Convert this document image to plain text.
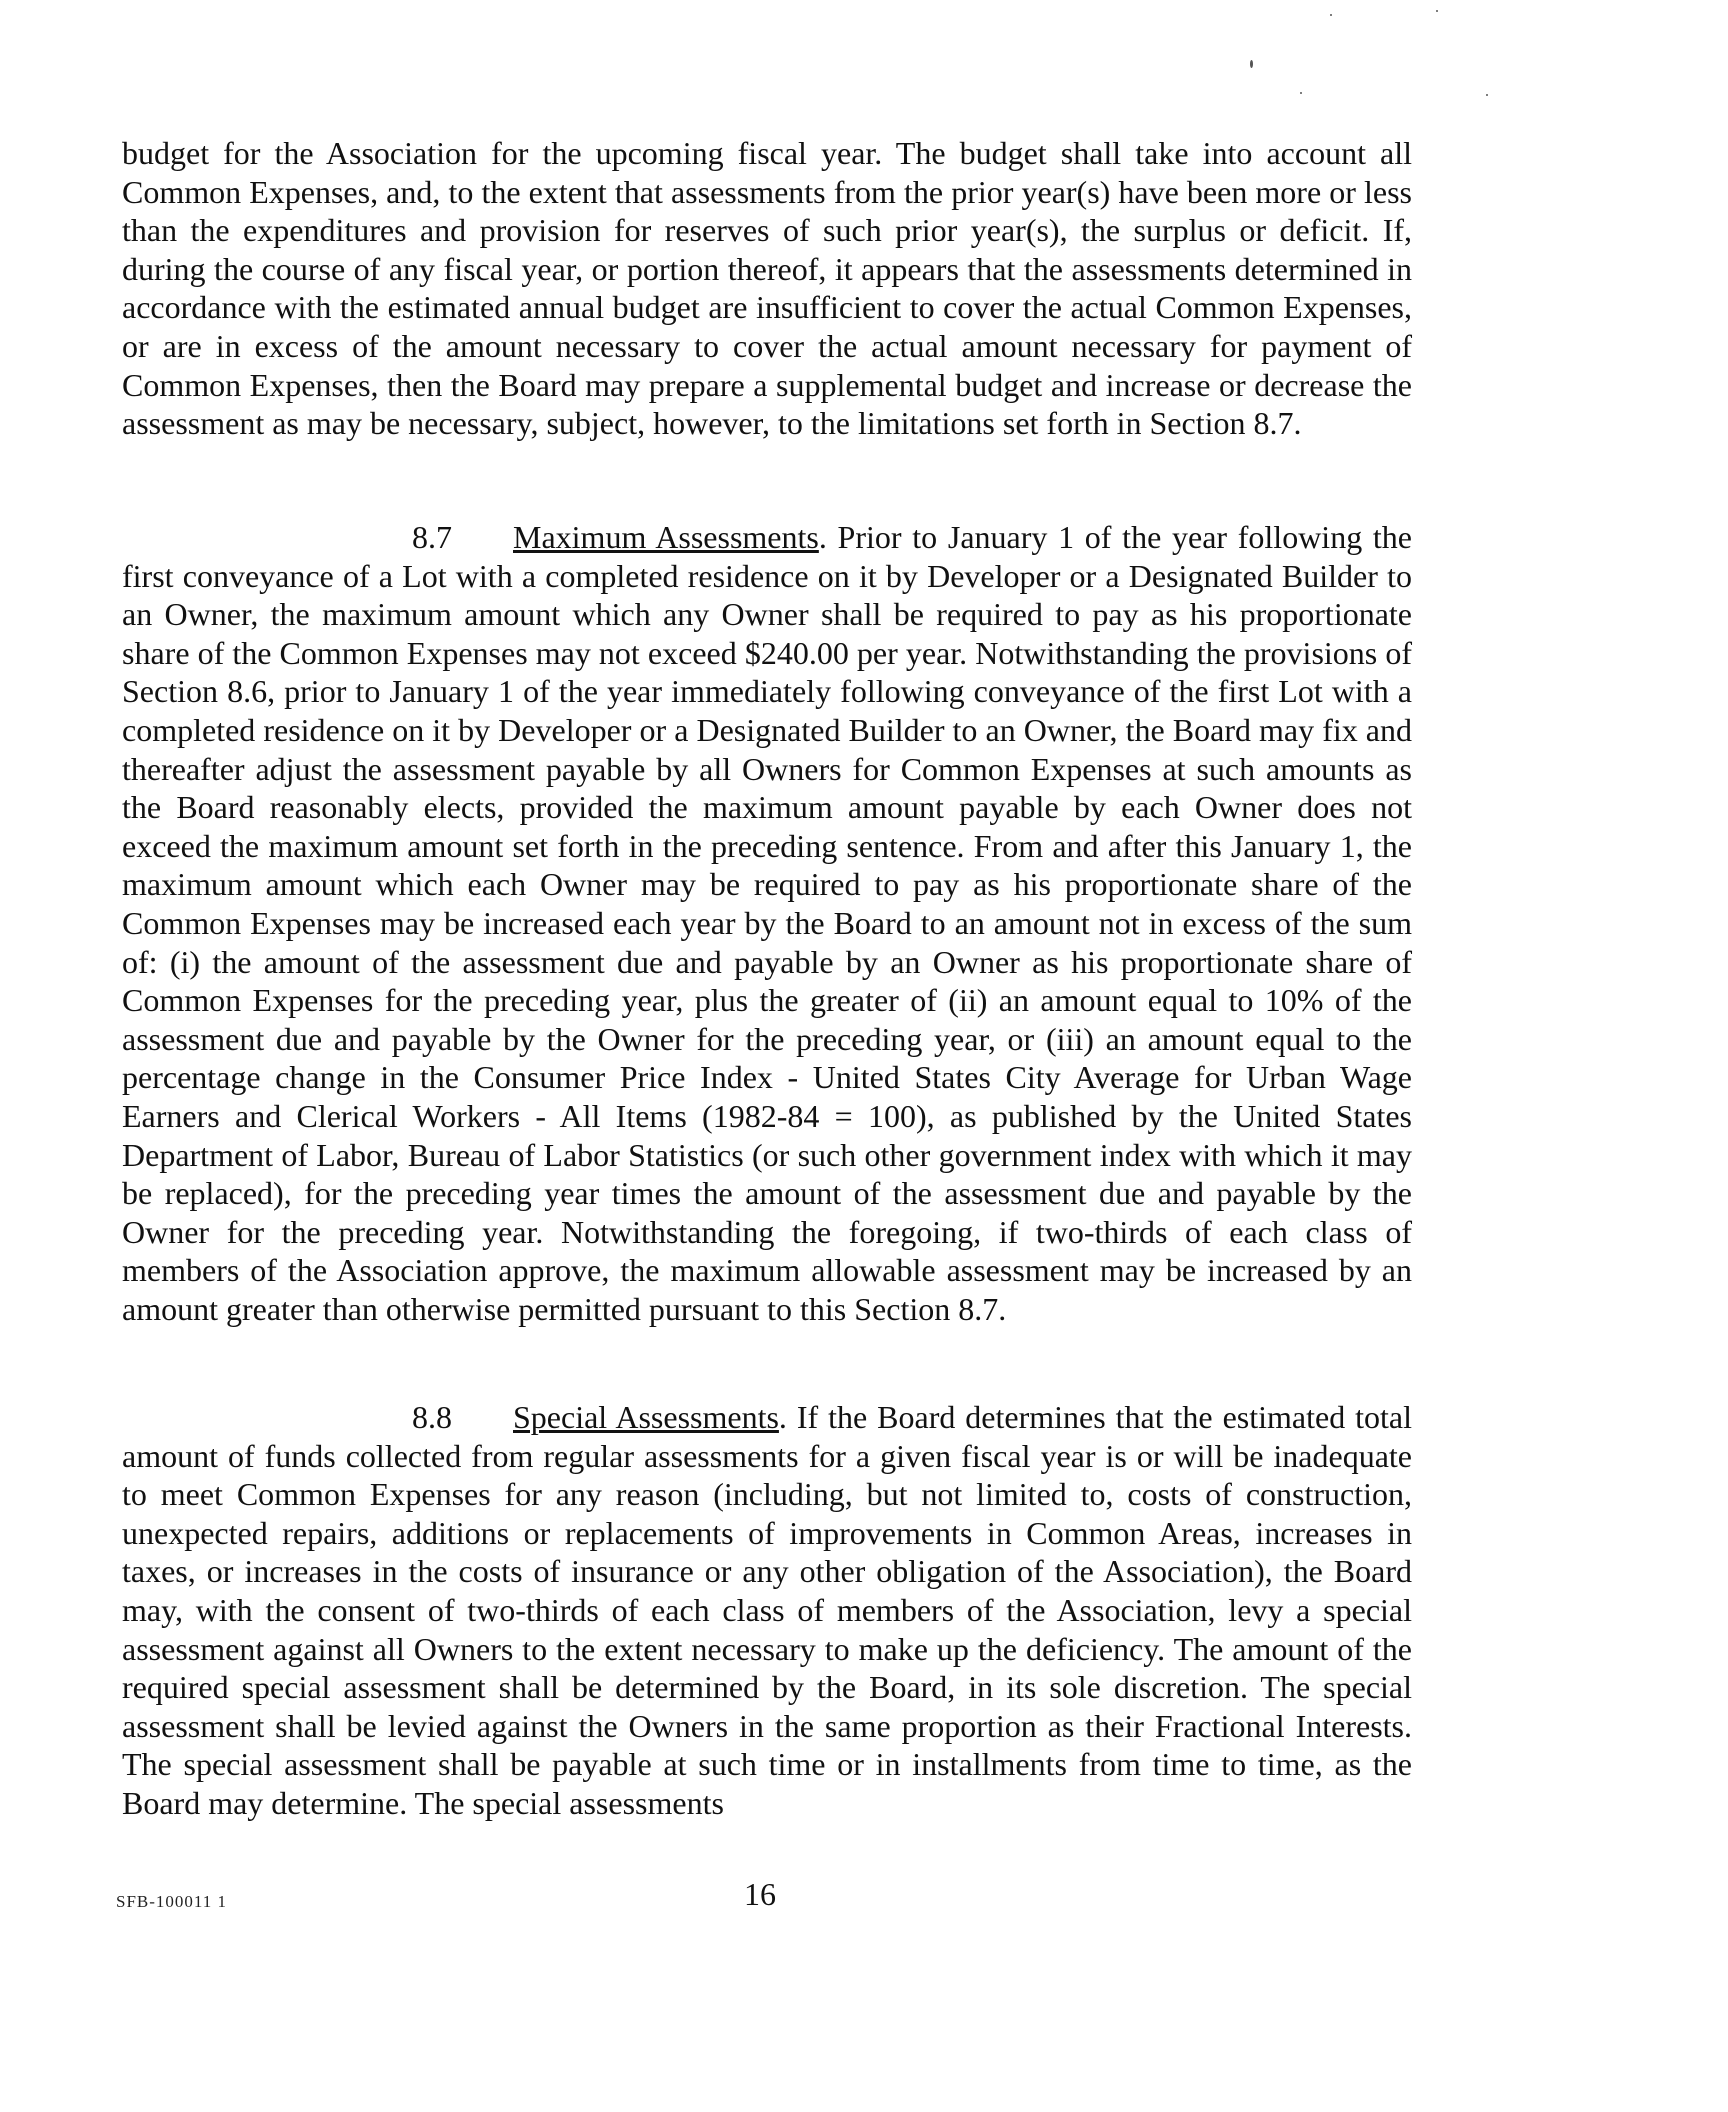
budget for the Association for the upcoming fiscal year. The budget shall take into account all Common Expenses, and, to the extent that assessments from the prior year(s) have been more or less than the expenditures and provision for reserves of such prior year(s), the surplus or deficit. If, during the course of any fiscal year, or portion thereof, it appears that the assessments determined in accordance with the estimated annual budget are insufficient to cover the actual Common Expenses, or are in excess of the amount necessary to cover the actual amount necessary for payment of Common Expenses, then the Board may prepare a supplemental budget and increase or decrease the assessment as may be necessary, subject, however, to the limitations set forth in Section 8.7.

8.7 Maximum Assessments. Prior to January 1 of the year following the first conveyance of a Lot with a completed residence on it by Developer or a Designated Builder to an Owner, the maximum amount which any Owner shall be required to pay as his proportionate share of the Common Expenses may not exceed $240.00 per year. Notwithstanding the provisions of Section 8.6, prior to January 1 of the year immediately following conveyance of the first Lot with a completed residence on it by Developer or a Designated Builder to an Owner, the Board may fix and thereafter adjust the assessment payable by all Owners for Common Expenses at such amounts as the Board reasonably elects, provided the maximum amount payable by each Owner does not exceed the maximum amount set forth in the preceding sentence. From and after this January 1, the maximum amount which each Owner may be required to pay as his proportionate share of the Common Expenses may be increased each year by the Board to an amount not in excess of the sum of: (i) the amount of the assessment due and payable by an Owner as his proportionate share of Common Expenses for the preceding year, plus the greater of (ii) an amount equal to 10% of the assessment due and payable by the Owner for the preceding year, or (iii) an amount equal to the percentage change in the Consumer Price Index - United States City Average for Urban Wage Earners and Clerical Workers - All Items (1982-84 = 100), as published by the United States Department of Labor, Bureau of Labor Statistics (or such other government index with which it may be replaced), for the preceding year times the amount of the assessment due and payable by the Owner for the preceding year. Notwithstanding the foregoing, if two-thirds of each class of members of the Association approve, the maximum allowable assessment may be increased by an amount greater than otherwise permitted pursuant to this Section 8.7.

8.8 Special Assessments. If the Board determines that the estimated total amount of funds collected from regular assessments for a given fiscal year is or will be inadequate to meet Common Expenses for any reason (including, but not limited to, costs of construction, unexpected repairs, additions or replacements of improvements in Common Areas, increases in taxes, or increases in the costs of insurance or any other obligation of the Association), the Board may, with the consent of two-thirds of each class of members of the Association, levy a special assessment against all Owners to the extent necessary to make up the deficiency. The amount of the required special assessment shall be determined by the Board, in its sole discretion. The special assessment shall be levied against the Owners in the same proportion as their Fractional Interests. The special assessment shall be payable at such time or in installments from time to time, as the Board may determine. The special assessments

SFB-100011 1	16
